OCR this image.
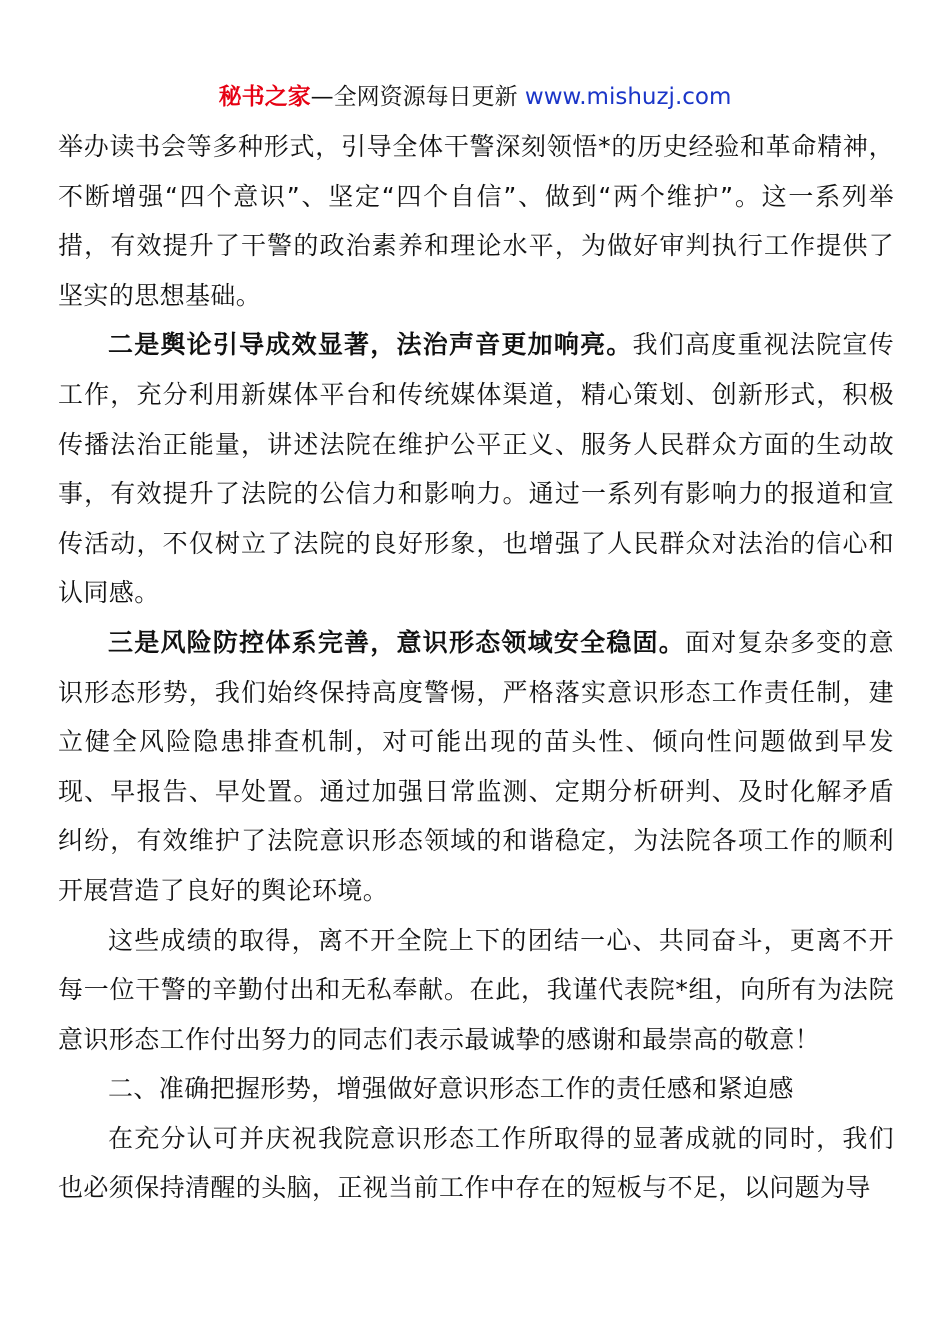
秘书之家—全网资源每日更新 www.mishuzj.com

举办读书会等多种形式，引导全体干警深刻领悟*的历史经验和革命精神，不断增强“四个意识”、坚定“四个自信”、做到“两个维护”。这一系列举措，有效提升了干警的政治素养和理论水平，为做好审判执行工作提供了坚实的思想基础。

二是舆论引导成效显著，法治声音更加响亮。我们高度重视法院宣传工作，充分利用新媒体平台和传统媒体渠道，精心策划、创新形式，积极传播法治正能量，讲述法院在维护公平正义、服务人民群众方面的生动故事，有效提升了法院的公信力和影响力。通过一系列有影响力的报道和宣传活动，不仅树立了法院的良好形象，也增强了人民群众对法治的信心和认同感。

三是风险防控体系完善，意识形态领域安全稳固。面对复杂多变的意识形态形势，我们始终保持高度警惕，严格落实意识形态工作责任制，建立健全风险隐患排查机制，对可能出现的苗头性、倾向性问题做到早发现、早报告、早处置。通过加强日常监测、定期分析研判、及时化解矛盾纠纷，有效维护了法院意识形态领域的和谐稳定，为法院各项工作的顺利开展营造了良好的舆论环境。

这些成绩的取得，离不开全院上下的团结一心、共同奋斗，更离不开每一位干警的辛勤付出和无私奉献。在此，我谨代表院*组，向所有为法院意识形态工作付出努力的同志们表示最诚挚的感谢和最崇高的敬意！

二、准确把握形势，增强做好意识形态工作的责任感和紧迫感

在充分认可并庆祝我院意识形态工作所取得的显著成就的同时，我们也必须保持清醒的头脑，正视当前工作中存在的短板与不足，以问题为导
